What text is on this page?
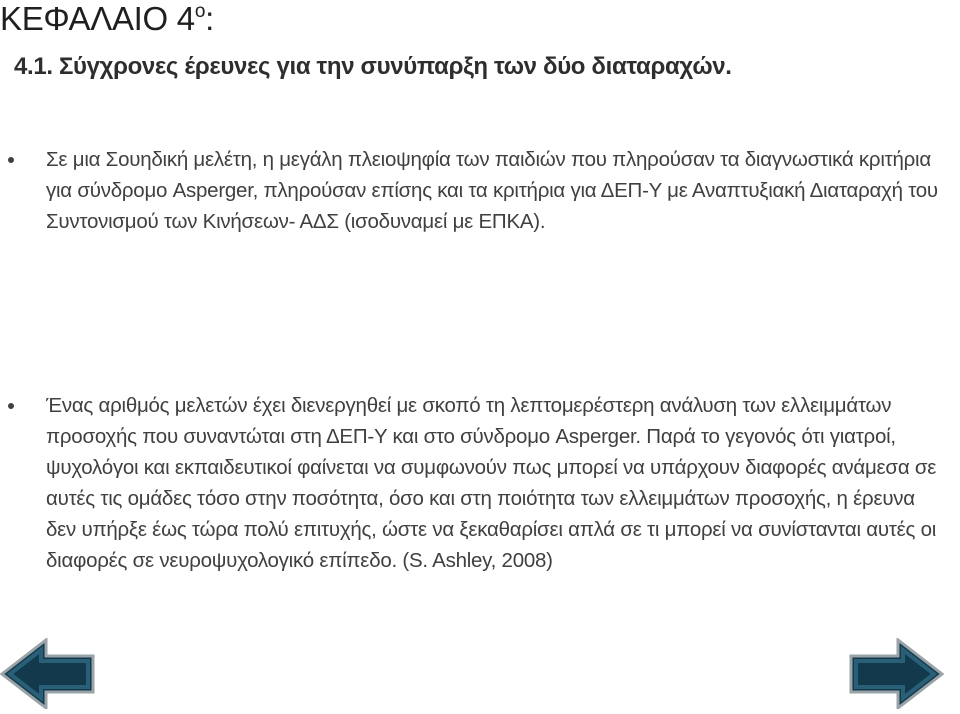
ΚΕΦΑΛΑΙΟ $4^o$:
4.1. Σύγχρονες έρευνες για την συνύπαρξη των δύο διαταραχών.
Σε μια Σουηδική μελέτη, η μεγάλη πλειοψηφία των παιδιών που πληρούσαν τα διαγνωστικά κριτήρια για σύνδρομο Asperger, πληρούσαν επίσης και τα κριτήρια για ΔΕΠ-Υ με Αναπτυξιακή Διαταραχή του Συντονισμού των Κινήσεων- ΑΔΣ (ισοδυναμεί με ΕΠΚΑ).
Ένας αριθμός μελετών έχει διενεργηθεί με σκοπό τη λεπτομερέστερη ανάλυση των ελλειμμάτων προσοχής που συναντώται στη ΔΕΠ-Υ και στο σύνδρομο Asperger. Παρά το γεγονός ότι γιατροί, ψυχολόγοι και εκπαιδευτικοί φαίνεται να συμφωνούν πως μπορεί να υπάρχουν διαφορές ανάμεσα σε αυτές τις ομάδες τόσο στην ποσότητα, όσο και στη ποιότητα των ελλειμμάτων προσοχής, η έρευνα δεν υπήρξε έως τώρα πολύ επιτυχής, ώστε να ξεκαθαρίσει απλά σε τι μπορεί να συνίστανται αυτές οι διαφορές σε νευροψυχολογικό επίπεδο. (S. Ashley, 2008)
